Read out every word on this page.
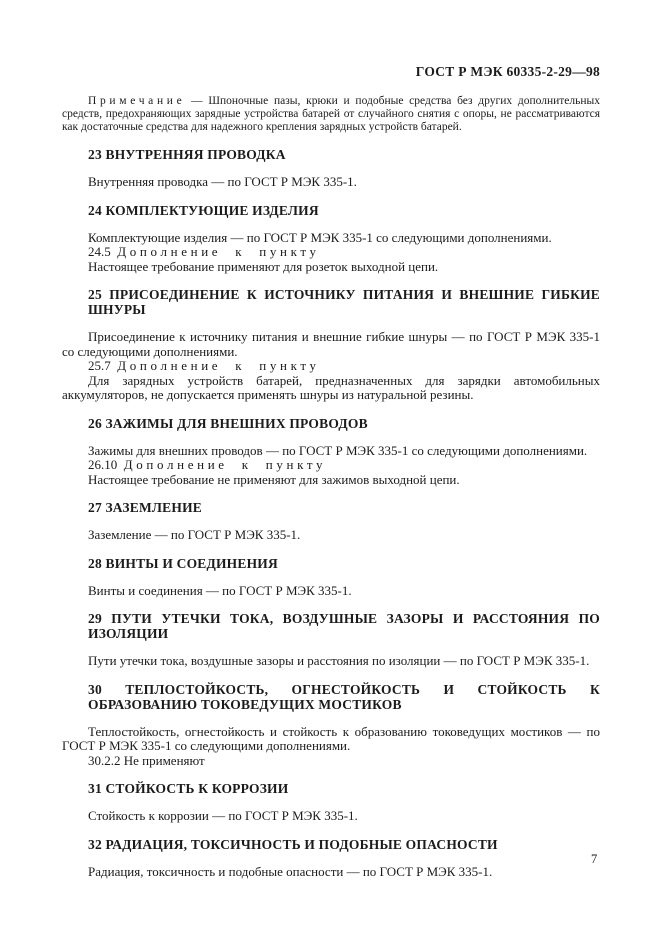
ГОСТ Р МЭК 60335-2-29—98

Примечание — Шпоночные пазы, крюки и подобные средства без других дополнительных средств, предохраняющих зарядные устройства батарей от случайного снятия с опоры, не рассматриваются как достаточные средства для надежного крепления зарядных устройств батарей.

23 ВНУТРЕННЯЯ ПРОВОДКА

Внутренняя проводка — по ГОСТ Р МЭК 335-1.

24 КОМПЛЕКТУЮЩИЕ ИЗДЕЛИЯ

Комплектующие изделия — по ГОСТ Р МЭК 335-1 со следующими дополнениями.

24.5 Дополнение к пункту

Настоящее требование применяют для розеток выходной цепи.

25 ПРИСОЕДИНЕНИЕ К ИСТОЧНИКУ ПИТАНИЯ И ВНЕШНИЕ ГИБКИЕ ШНУРЫ

Присоединение к источнику питания и внешние гибкие шнуры — по ГОСТ Р МЭК 335-1 со следующими дополнениями.

25.7 Дополнение к пункту

Для зарядных устройств батарей, предназначенных для зарядки автомобильных аккумуляторов, не допускается применять шнуры из натуральной резины.

26 ЗАЖИМЫ ДЛЯ ВНЕШНИХ ПРОВОДОВ

Зажимы для внешних проводов — по ГОСТ Р МЭК 335-1 со следующими дополнениями.

26.10 Дополнение к пункту

Настоящее требование не применяют для зажимов выходной цепи.

27 ЗАЗЕМЛЕНИЕ

Заземление — по ГОСТ Р МЭК 335-1.

28 ВИНТЫ И СОЕДИНЕНИЯ

Винты и соединения — по ГОСТ Р МЭК 335-1.

29 ПУТИ УТЕЧКИ ТОКА, ВОЗДУШНЫЕ ЗАЗОРЫ И РАССТОЯНИЯ ПО ИЗОЛЯЦИИ

Пути утечки тока, воздушные зазоры и расстояния по изоляции — по ГОСТ Р МЭК 335-1.

30 ТЕПЛОСТОЙКОСТЬ, ОГНЕСТОЙКОСТЬ И СТОЙКОСТЬ К ОБРАЗОВАНИЮ ТОКОВЕДУЩИХ МОСТИКОВ

Теплостойкость, огнестойкость и стойкость к образованию токоведущих мостиков — по ГОСТ Р МЭК 335-1 со следующими дополнениями.

30.2.2 Не применяют

31 СТОЙКОСТЬ К КОРРОЗИИ

Стойкость к коррозии — по ГОСТ Р МЭК 335-1.

32 РАДИАЦИЯ, ТОКСИЧНОСТЬ И ПОДОБНЫЕ ОПАСНОСТИ

Радиация, токсичность и подобные опасности — по ГОСТ Р МЭК 335-1.

7
